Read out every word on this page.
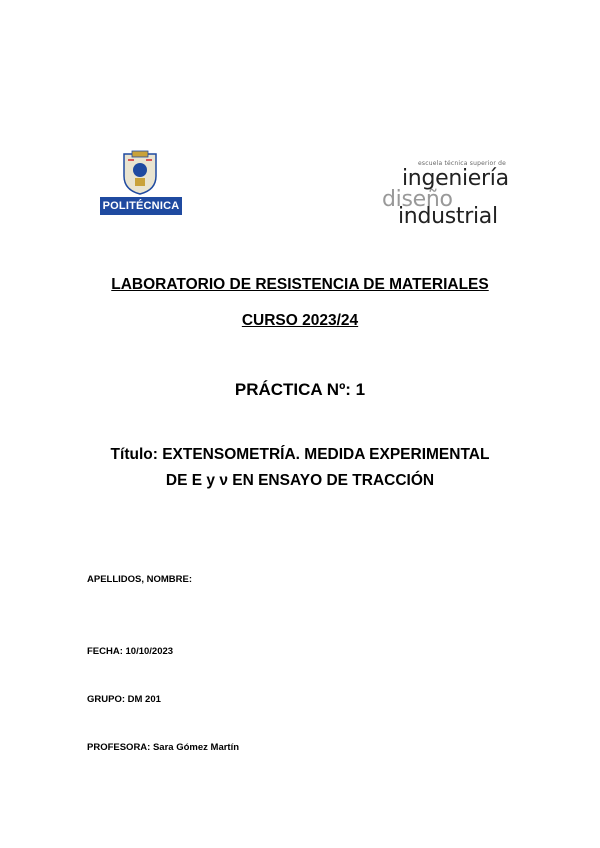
POLITÉCNICA
escuela técnica superior de
ingeniería
diseño
industrial
LABORATORIO DE RESISTENCIA DE MATERIALES
CURSO 2023/24
PRÁCTICA Nº: 1
Título: EXTENSOMETRÍA. MEDIDA EXPERIMENTAL
DE E y ν EN ENSAYO DE TRACCIÓN
APELLIDOS, NOMBRE:
FECHA: 10/10/2023
GRUPO: DM 201
PROFESORA: Sara Gómez Martín
